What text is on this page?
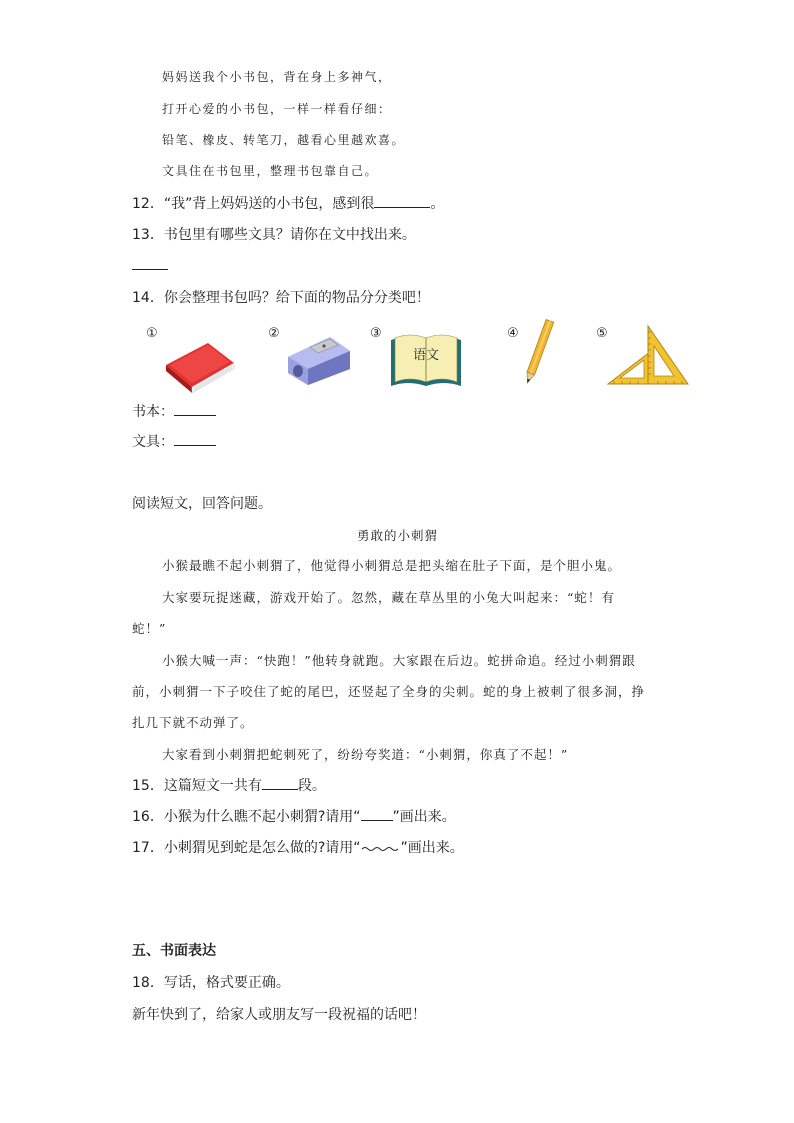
妈妈送我个小书包，背在身上多神气，
打开心爱的小书包，一样一样看仔细：
铅笔、橡皮、转笔刀，越看心里越欢喜。
文具住在书包里，整理书包靠自己。
12．“我”背上妈妈送的小书包，感到很	。
13．书包里有哪些文具？请你在文中找出来。
14．你会整理书包吗？给下面的物品分分类吧！
①	②	③	④	⑤
语文
书本：
文具：
阅读短文，回答问题。
勇敢的小刺猬
小猴最瞧不起小刺猬了，他觉得小刺猬总是把头缩在肚子下面，是个胆小鬼。
大家要玩捉迷藏，游戏开始了。忽然，藏在草丛里的小兔大叫起来：“蛇！有
蛇！”
小猴大喊一声：“快跑！”他转身就跑。大家跟在后边。蛇拼命追。经过小刺猬跟
前，小刺猬一下子咬住了蛇的尾巴，还竖起了全身的尖刺。蛇的身上被刺了很多洞，挣
扎几下就不动弹了。
大家看到小刺猬把蛇刺死了，纷纷夸奖道：“小刺猬，你真了不起！”
15．这篇短文一共有	段。
16．小猴为什么瞧不起小刺猬?请用“ ”画出来。
17．小刺猬见到蛇是怎么做的?请用“	”画出来。
五、书面表达
18．写话，格式要正确。
新年快到了，给家人或朋友写一段祝福的话吧！
